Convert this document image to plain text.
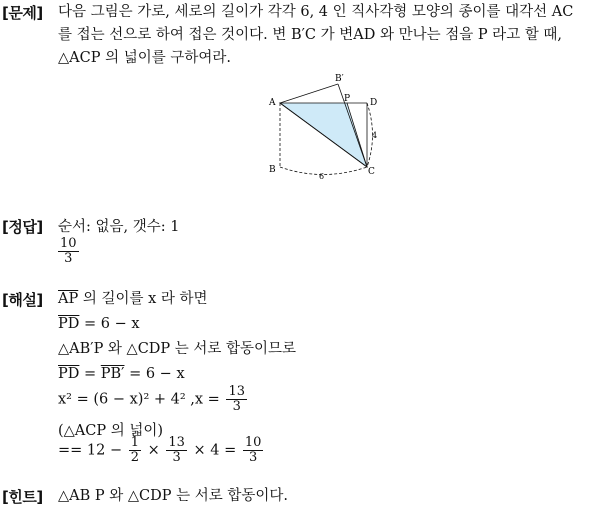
[문제] 다음 그림은 가로, 세로의 길이가 각각 6, 4 인 직사각형 모양의 종이를 대각선 AC
를 접는 선으로 하여 접은 것이다. 변 B′C 가 변AD 와 만나는 점을 P 라고 할 때,
△ACP 의 넓이를 구하여라.
A
B′
P D
B	C
6
4
[정답] 순서: 없음, 갯수: 1
$\frac{10}{3}$
[해설] $\overline{AP}$ 의 길이를 x 라 하면
$\overline{PD} = 6 - x$
△AB′P 와 △CDP 는 서로 합동이므로
$\overline{PD} = PB' = 6 - x$
x² = (6 − x)² + 4² $,x = \frac{13}{3}$
(△ACP 의 넓이)
== $12 - \frac{1}{2} \times \frac{13}{3} \times 4 = \frac{10}{3}$
[힌트] △AB P 와 △CDP 는 서로 합동이다.
